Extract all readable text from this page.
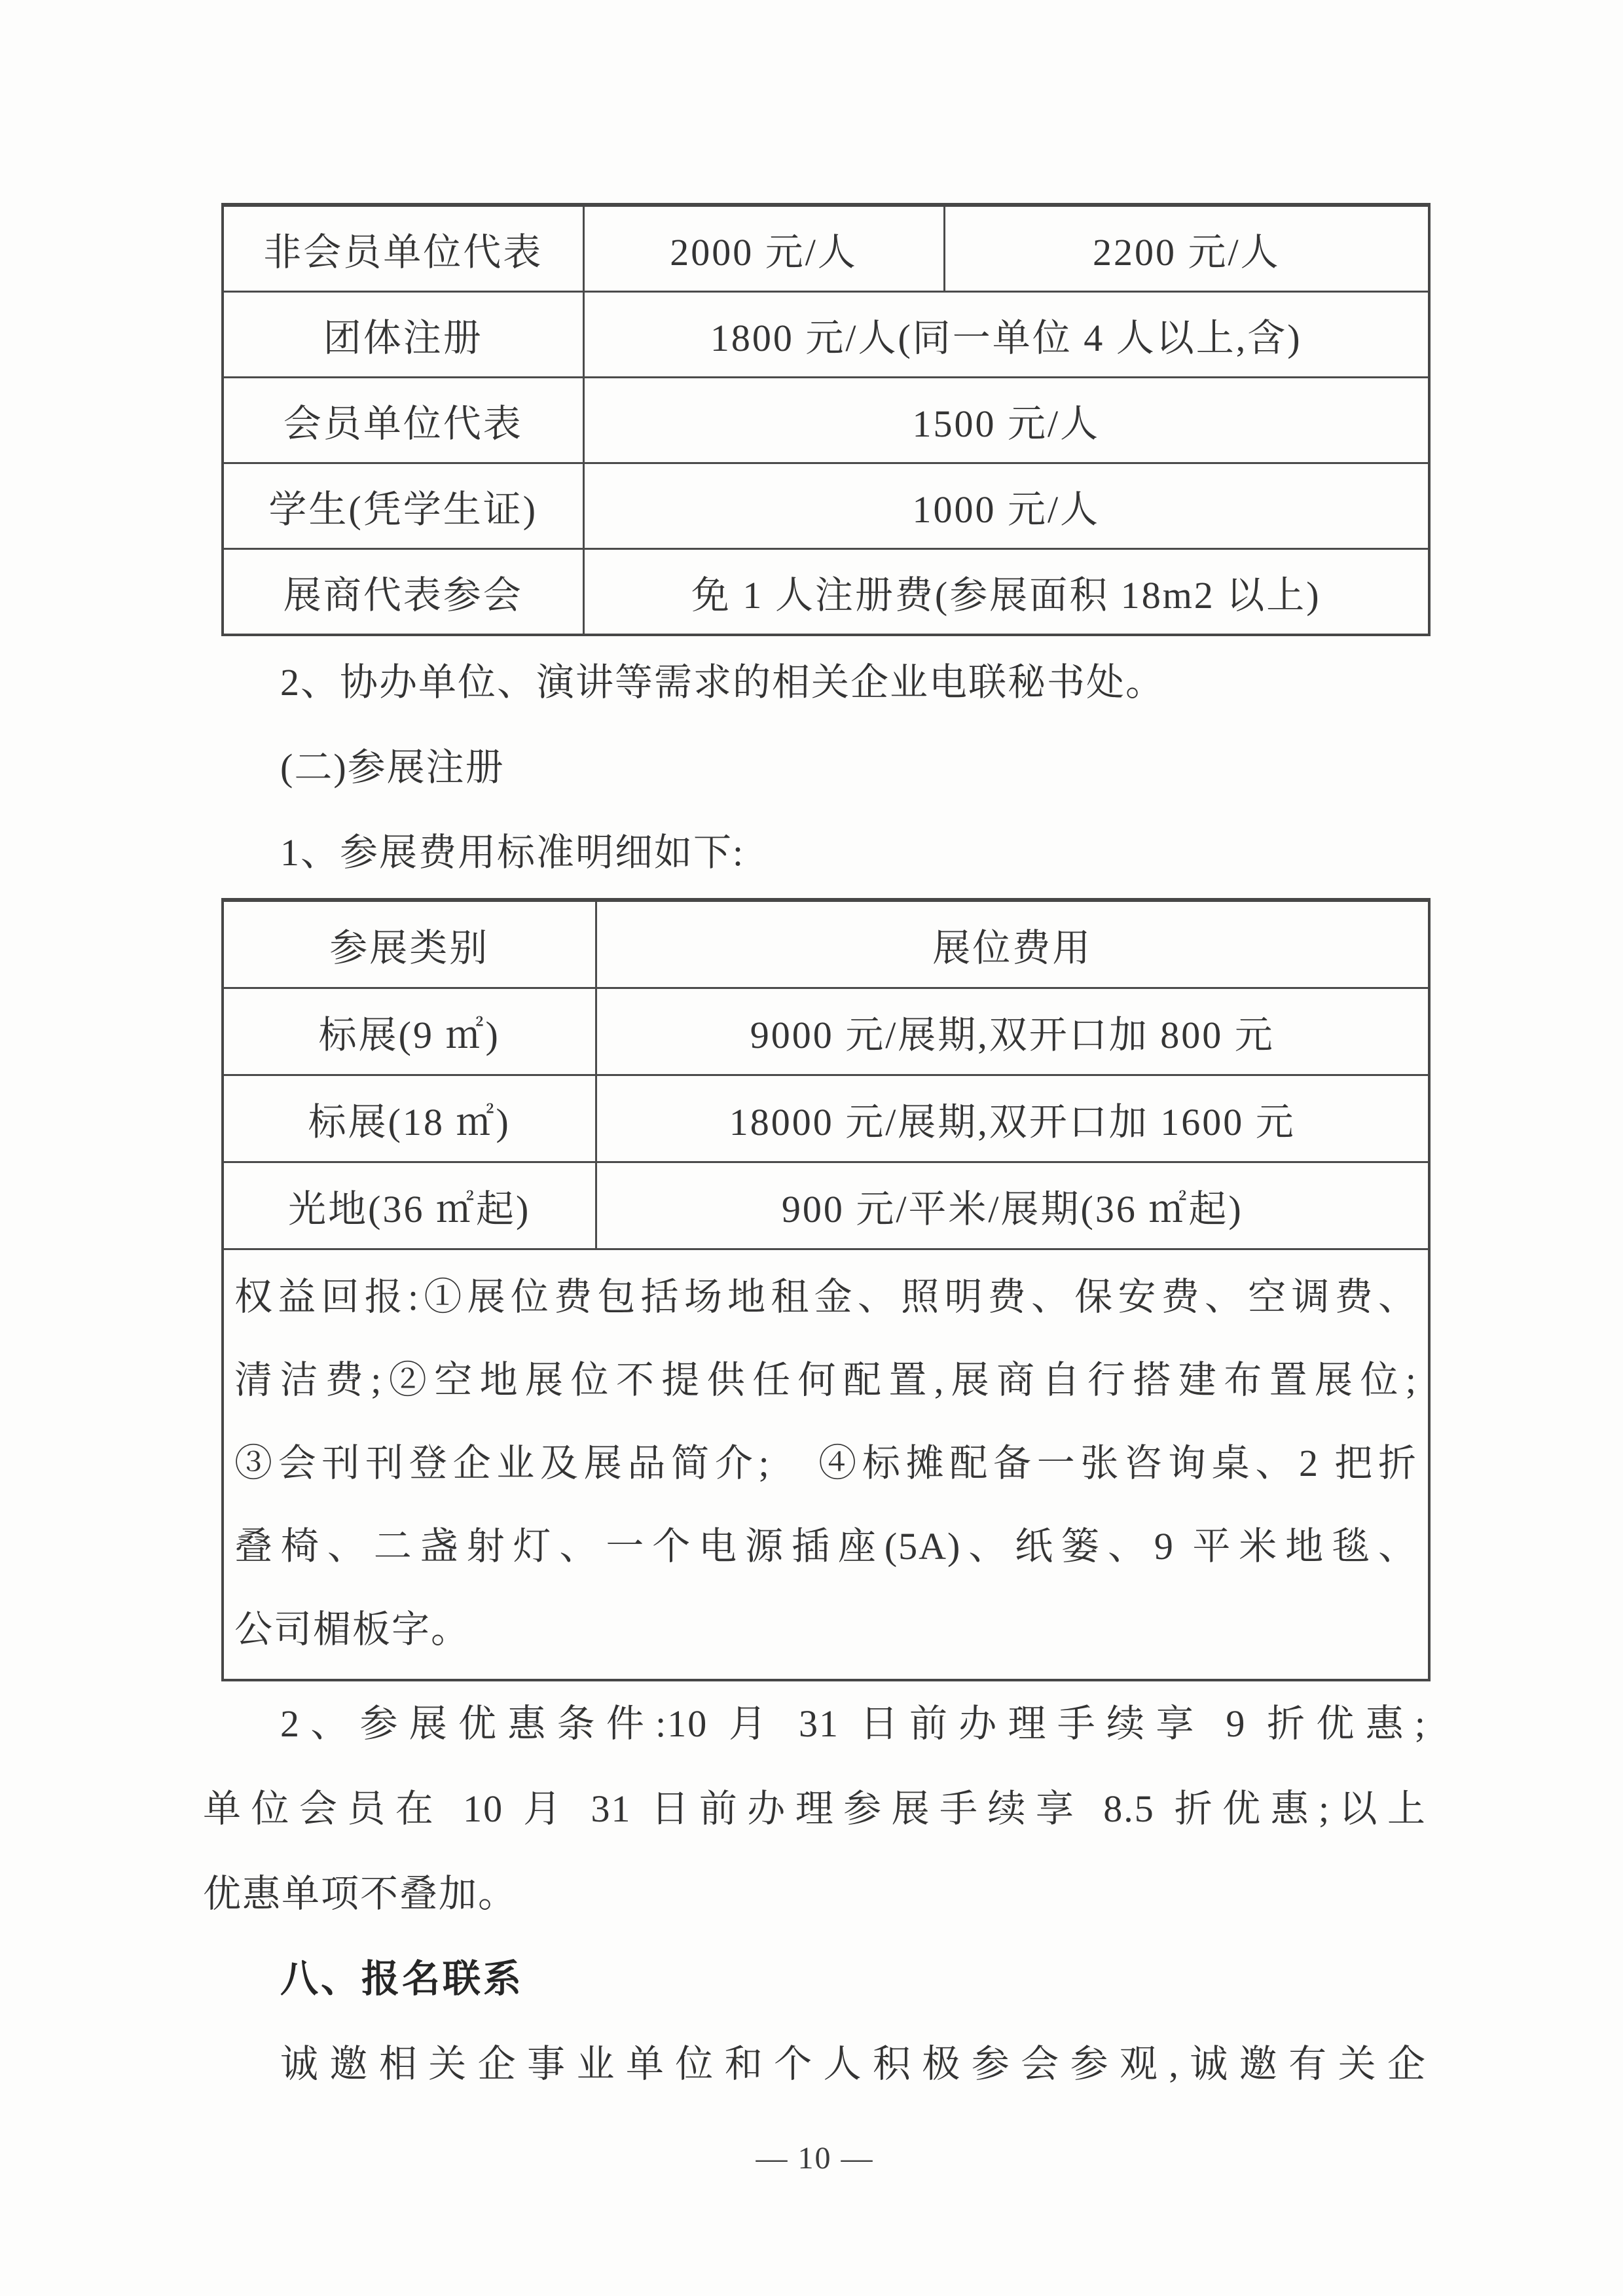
非会员单位代表	2000 元/人	2200 元/人
团体注册	1800 元/人(同一单位 4 人以上,含)	
会员单位代表	1500 元/人	
学生(凭学生证)	1000 元/人	
展商代表参会	免 1 人注册费(参展面积 18m2 以上)	
2、协办单位、演讲等需求的相关企业电联秘书处。
(二)参展注册
1、参展费用标准明细如下:
参展类别	展位费用
标展(9 ㎡)	9000 元/展期,双开口加 800 元
标展(18 ㎡)	18000 元/展期,双开口加 1600 元
光地(36 ㎡起)	900 元/平米/展期(36 ㎡起)

权益回报:①展位费包括场地租金、照明费、保安费、空调费、
清洁费;②空地展位不提供任何配置,展商自行搭建布置展位;
③会刊刊登企业及展品简介;　④标摊配备一张咨询桌、2 把折
叠椅、二盏射灯、一个电源插座(5A)、纸篓、9 平米地毯、
公司楣板字。	
2、参展优惠条件:10 月 31 日前办理手续享 9 折优惠;
单位会员在 10 月 31 日前办理参展手续享 8.5 折优惠;以上
优惠单项不叠加。
八、报名联系
诚邀相关企事业单位和个人积极参会参观,诚邀有关企
— 10 —
